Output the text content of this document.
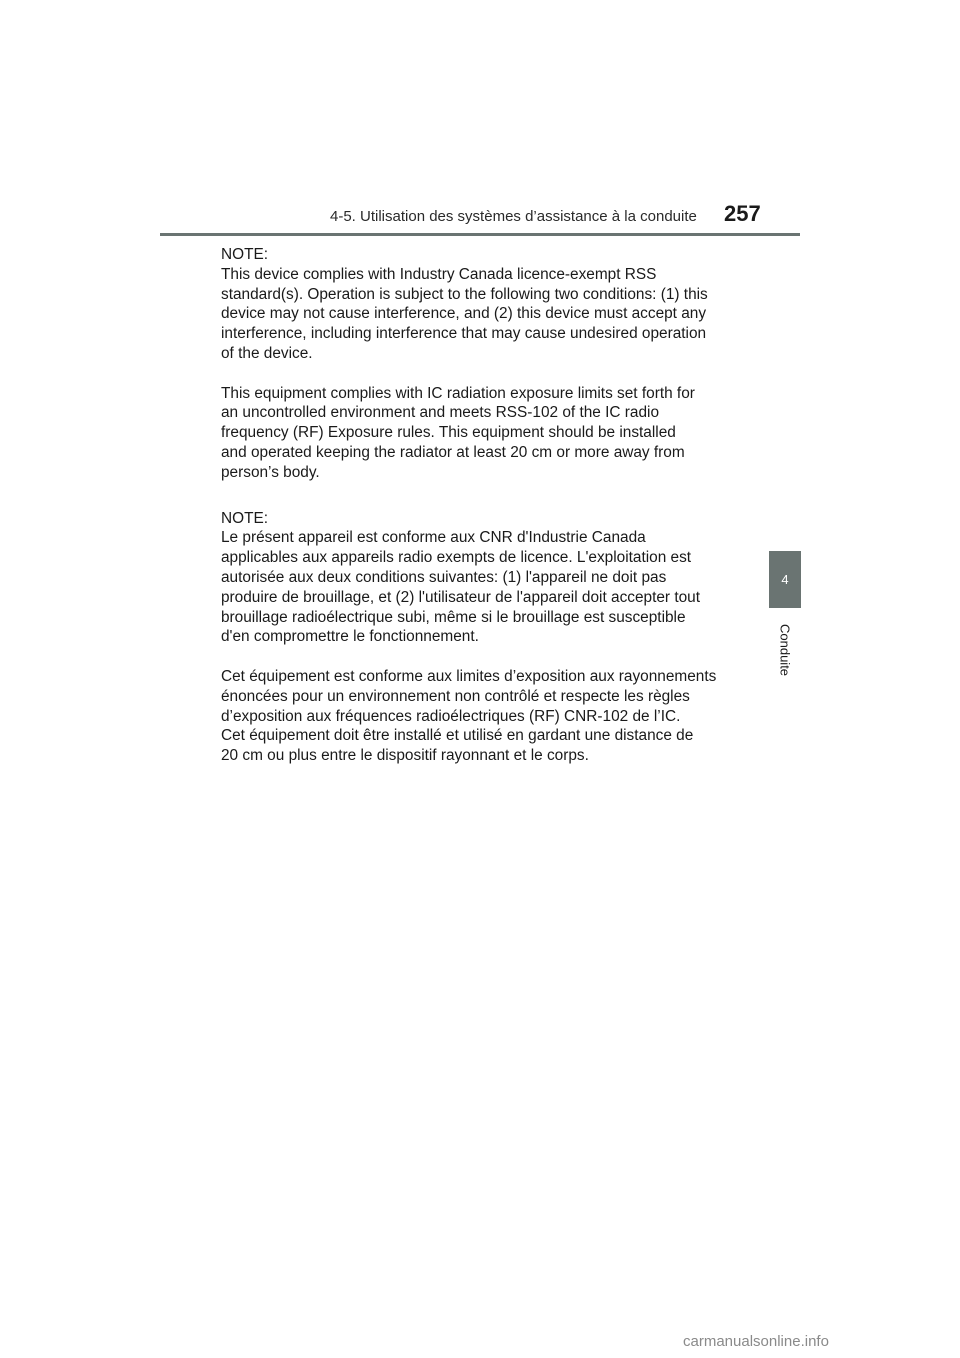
4-5. Utilisation des systèmes d’assistance à la conduite 257
4
Conduite
NOTE:
This device complies with Industry Canada licence-exempt RSS
standard(s). Operation is subject to the following two conditions: (1) this
device may not cause interference, and (2) this device must accept any
interference, including interference that may cause undesired operation
of the device.
This equipment complies with IC radiation exposure limits set forth for
an uncontrolled environment and meets RSS-102 of the IC radio
frequency (RF) Exposure rules. This equipment should be installed
and operated keeping the radiator at least 20 cm or more away from
person’s body.
NOTE:
Le présent appareil est conforme aux CNR d'Industrie Canada
applicables aux appareils radio exempts de licence. L'exploitation est
autorisée aux deux conditions suivantes: (1) l'appareil ne doit pas
produire de brouillage, et (2) l'utilisateur de l'appareil doit accepter tout
brouillage radioélectrique subi, même si le brouillage est susceptible
d'en compromettre le fonctionnement.
Cet équipement est conforme aux limites d’exposition aux rayonnements
énoncées pour un environnement non contrôlé et respecte les règles
d’exposition aux fréquences radioélectriques (RF) CNR-102 de l’IC.
Cet équipement doit être installé et utilisé en gardant une distance de
20 cm ou plus entre le dispositif rayonnant et le corps.
carmanualsonline.info
